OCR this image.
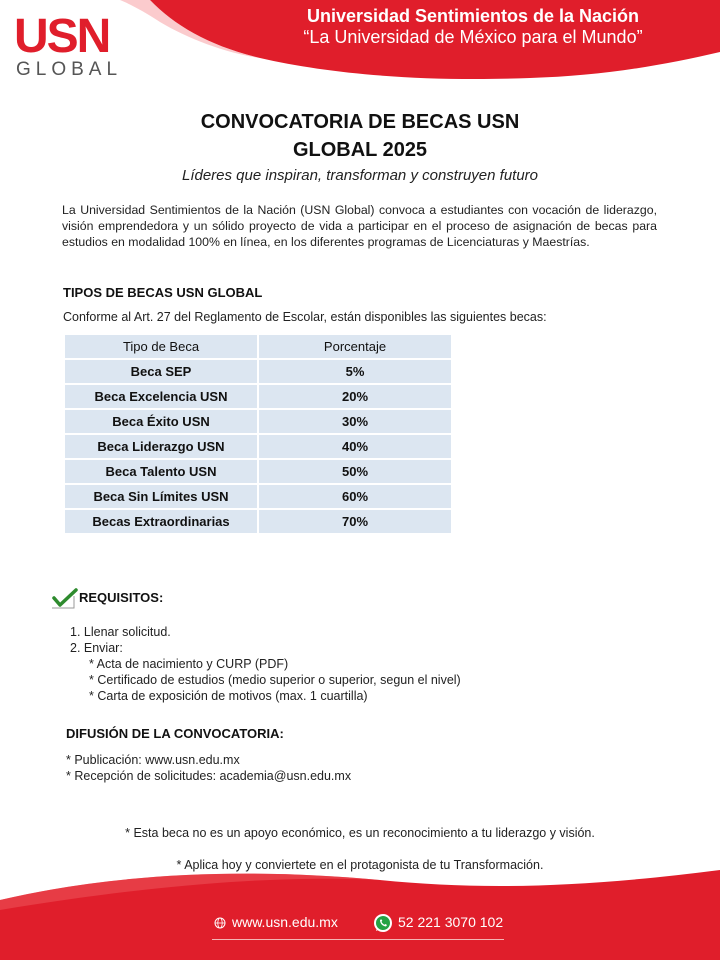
USN
GLOBAL
Universidad Sentimientos de la Nación
“La Universidad de México para el Mundo”
CONVOCATORIA DE BECAS USN
GLOBAL 2025
Líderes que inspiran, transforman y construyen futuro
La Universidad Sentimientos de la Nación (USN Global) convoca a estudiantes con vocación de liderazgo, visión emprendedora y un sólido proyecto de vida a participar en el proceso de asignación de becas para estudios en modalidad 100% en línea, en los diferentes programas de Licenciaturas y Maestrías.
TIPOS DE BECAS USN GLOBAL
Conforme al Art. 27 del Reglamento de Escolar, están disponibles las siguientes becas:
Tipo de Beca	Porcentaje
Beca SEP	5%
Beca Excelencia USN	20%
Beca Éxito USN	30%
Beca Liderazgo USN	40%
Beca Talento USN	50%
Beca Sin Límites USN	60%
Becas Extraordinarias	70%
REQUISITOS:
1. Llenar solicitud.
2. Enviar:
* Acta de nacimiento y CURP (PDF)
* Certificado de estudios (medio superior o superior, segun el nivel)
* Carta de exposición de motivos (max. 1 cuartilla)
DIFUSIÓN DE LA CONVOCATORIA:
* Publicación: www.usn.edu.mx
* Recepción de solicitudes: academia@usn.edu.mx
* Esta beca no es un apoyo económico, es un reconocimiento a tu liderazgo y visión.
* Aplica hoy y conviertete en el protagonista de tu Transformación.
www.usn.edu.mx	52 221 3070 102
